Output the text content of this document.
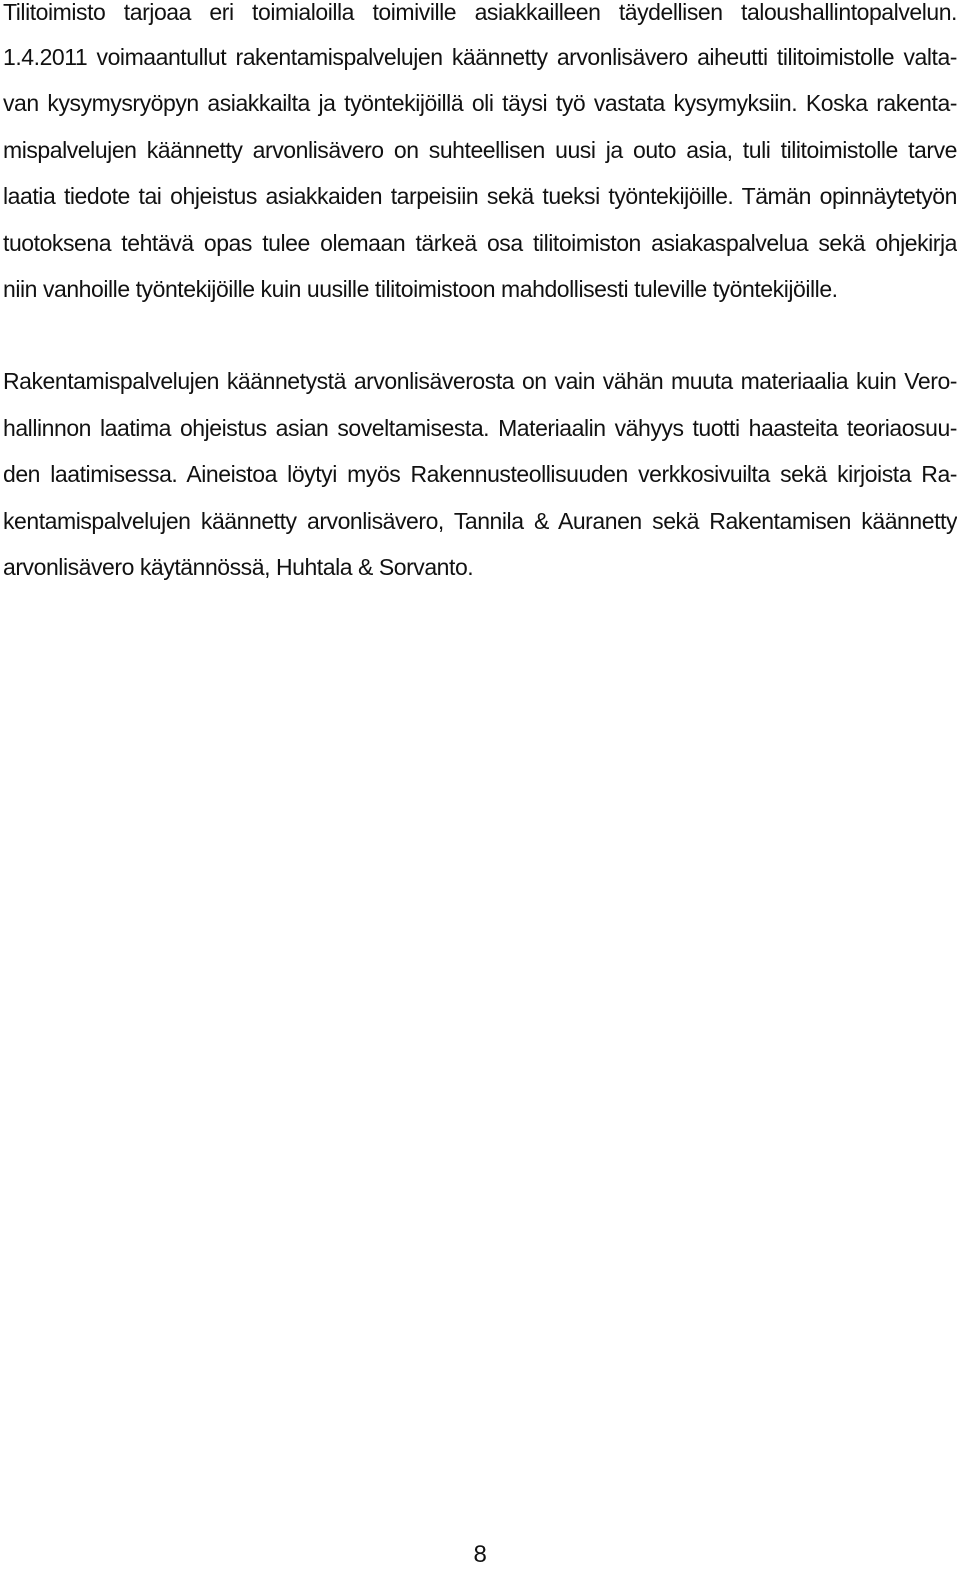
Tilitoimisto tarjoaa eri toimialoilla toimiville asiakkailleen täydellisen taloushallintopalvelun.
1.4.2011 voimaantullut rakentamispalvelujen käännetty arvonlisävero aiheutti tilitoimistolle valta-
van kysymysryöpyn asiakkailta ja työntekijöillä oli täysi työ vastata kysymyksiin. Koska rakenta-
mispalvelujen käännetty arvonlisävero on suhteellisen uusi ja outo asia, tuli tilitoimistolle tarve
laatia tiedote tai ohjeistus asiakkaiden tarpeisiin sekä tueksi työntekijöille. Tämän opinnäytetyön
tuotoksena tehtävä opas tulee olemaan tärkeä osa tilitoimiston asiakaspalvelua sekä ohjekirja
niin vanhoille työntekijöille kuin uusille tilitoimistoon mahdollisesti tuleville työntekijöille.
Rakentamispalvelujen käännetystä arvonlisäverosta on vain vähän muuta materiaalia kuin Vero-
hallinnon laatima ohjeistus asian soveltamisesta. Materiaalin vähyys tuotti haasteita teoriaosuu-
den laatimisessa. Aineistoa löytyi myös Rakennusteollisuuden verkkosivuilta sekä kirjoista Ra-
kentamispalvelujen käännetty arvonlisävero, Tannila & Auranen sekä Rakentamisen käännetty
arvonlisävero käytännössä, Huhtala & Sorvanto.
8
